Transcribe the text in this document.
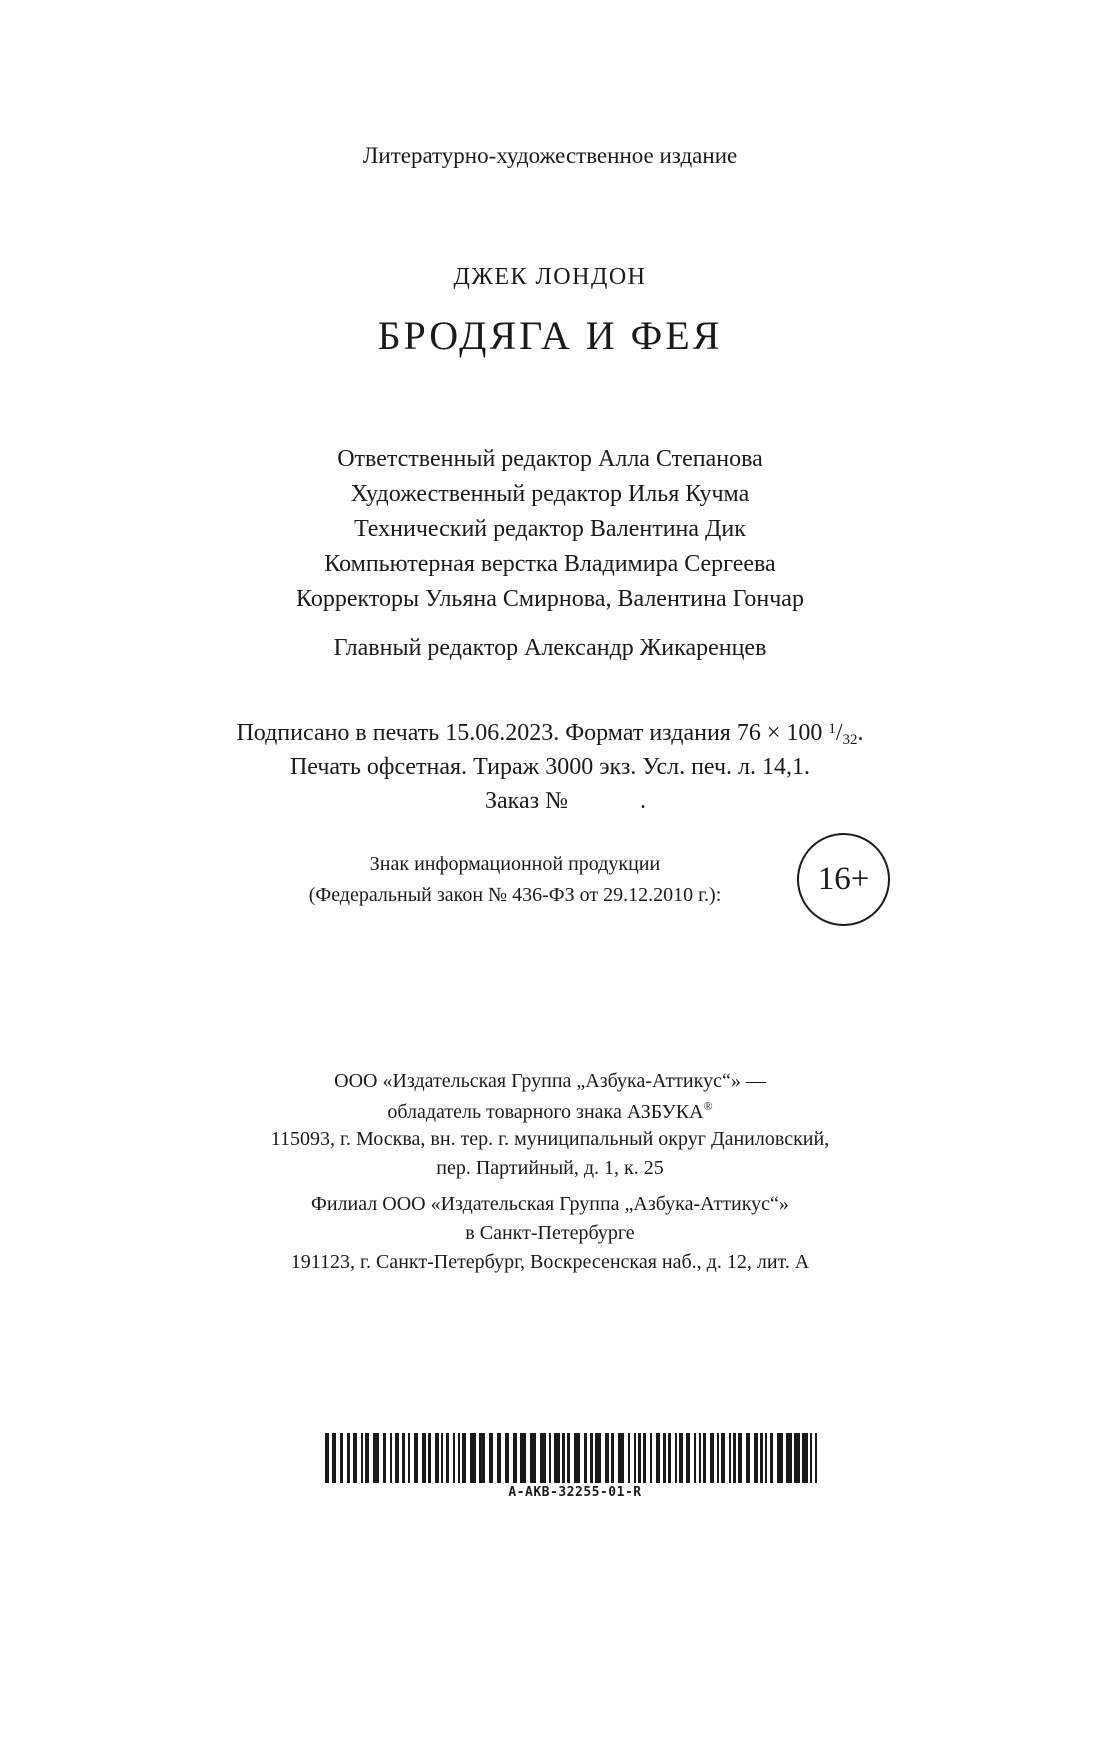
Литературно-художественное издание
ДЖЕК ЛОНДОН
БРОДЯГА И ФЕЯ
Ответственный редактор Алла Степанова
Художественный редактор Илья Кучма
Технический редактор Валентина Дик
Компьютерная верстка Владимира Сергеева
Корректоры Ульяна Смирнова, Валентина Гончар
Главный редактор Александр Жикаренцев
Подписано в печать 15.06.2023. Формат издания 76 × 100 $^1/_{32}$.
Печать офсетная. Тираж 3000 экз. Усл. печ. л. 14,1.
Заказ №	.
Знак информационной продукции
(Федеральный закон № 436-ФЗ от 29.12.2010 г.):	16+
ООО «Издательская Группа „Азбука-Аттикус“» —
обладатель товарного знака АЗБУКА®
115093, г. Москва, вн. тер. г. муниципальный округ Даниловский,
пер. Партийный, д. 1, к. 25
Филиал ООО «Издательская Группа „Азбука-Аттикус“»
в Санкт-Петербурге
191123, г. Санкт-Петербург, Воскресенская наб., д. 12, лит. А
A-AKB-32255-01-R
